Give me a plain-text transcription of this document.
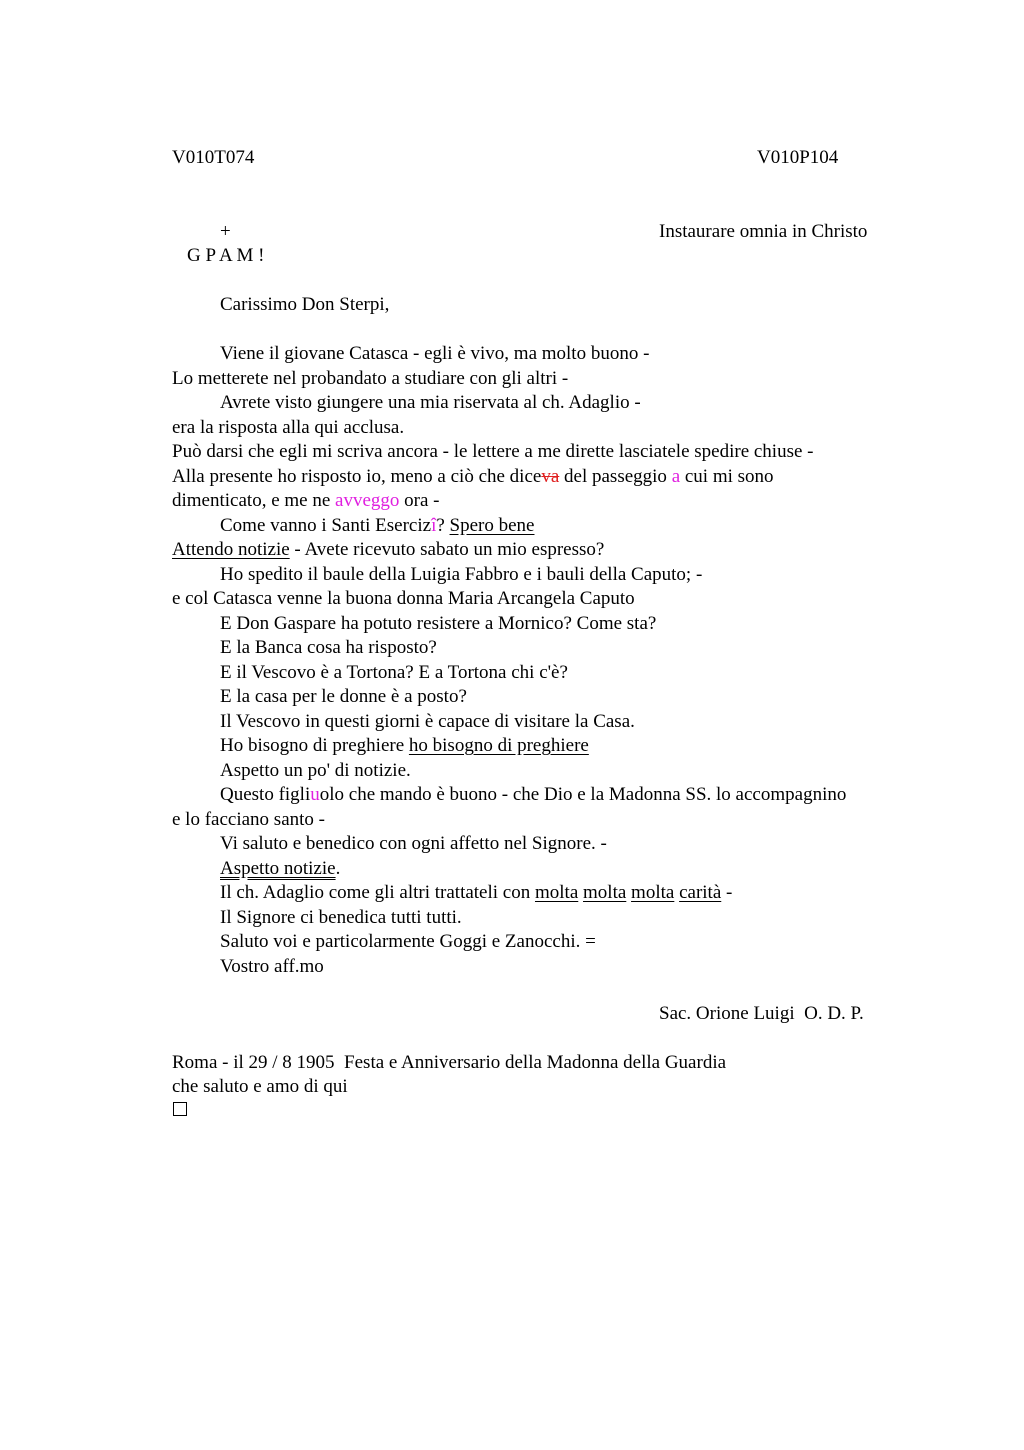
V010T074	V010P104
+	Instaurare omnia in Christo
G P A M !
Carissimo Don Sterpi,
Viene il giovane Catasca - egli è vivo, ma molto buono -
Lo metterete nel probandato a studiare con gli altri -
Avrete visto giungere una mia riservata al ch. Adaglio -
era la risposta alla qui acclusa.
Può darsi che egli mi scriva ancora - le lettere a me dirette lasciatele spedire chiuse -
Alla presente ho risposto io, meno a ciò che diceva del passeggio a cui mi sono
dimenticato, e me ne avveggo ora -
Come vanno i Santi Esercizî? Spero bene
Attendo notizie - Avete ricevuto sabato un mio espresso?
Ho spedito il baule della Luigia Fabbro e i bauli della Caputo; -
e col Catasca venne la buona donna Maria Arcangela Caputo
E Don Gaspare ha potuto resistere a Mornico? Come sta?
E la Banca cosa ha risposto?
E il Vescovo è a Tortona? E a Tortona chi c'è?
E la casa per le donne è a posto?
Il Vescovo in questi giorni è capace di visitare la Casa.
Ho bisogno di preghiere ho bisogno di preghiere
Aspetto un po' di notizie.
Questo figliuolo che mando è buono - che Dio e la Madonna SS. lo accompagnino
e lo facciano santo -
Vi saluto e benedico con ogni affetto nel Signore. -
Aspetto notizie.
Il ch. Adaglio come gli altri trattateli con molta molta molta carità -
Il Signore ci benedica tutti tutti.
Saluto voi e particolarmente Goggi e Zanocchi. =
Vostro aff.mo
Sac. Orione Luigi  O. D. P.
Roma - il 29 / 8 1905  Festa e Anniversario della Madonna della Guardia
che saluto e amo di qui
